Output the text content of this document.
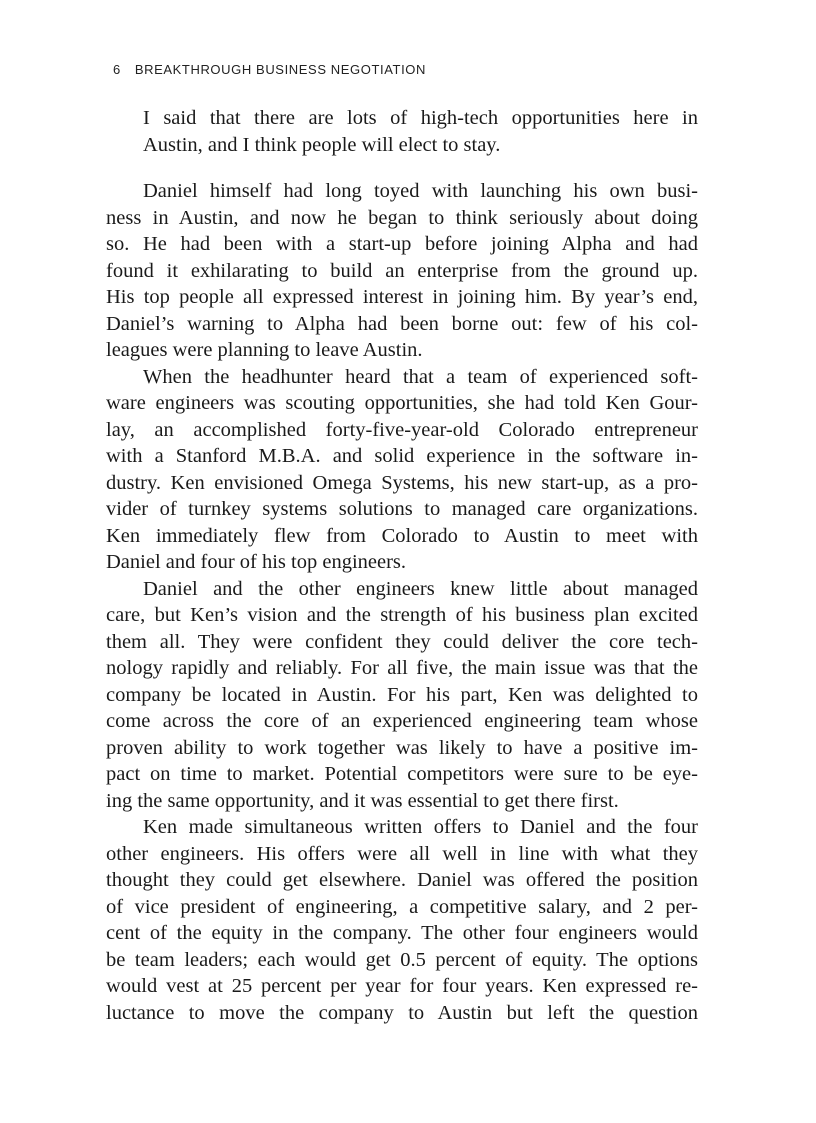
6 BREAKTHROUGH BUSINESS NEGOTIATION
I said that there are lots of high-tech opportunities here in
Austin, and I think people will elect to stay.
Daniel himself had long toyed with launching his own busi-
ness in Austin, and now he began to think seriously about doing
so. He had been with a start-up before joining Alpha and had
found it exhilarating to build an enterprise from the ground up.
His top people all expressed interest in joining him. By year’s end,
Daniel’s warning to Alpha had been borne out: few of his col-
leagues were planning to leave Austin.
When the headhunter heard that a team of experienced soft-
ware engineers was scouting opportunities, she had told Ken Gour-
lay, an accomplished forty-five-year-old Colorado entrepreneur
with a Stanford M.B.A. and solid experience in the software in-
dustry. Ken envisioned Omega Systems, his new start-up, as a pro-
vider of turnkey systems solutions to managed care organizations.
Ken immediately flew from Colorado to Austin to meet with
Daniel and four of his top engineers.
Daniel and the other engineers knew little about managed
care, but Ken’s vision and the strength of his business plan excited
them all. They were confident they could deliver the core tech-
nology rapidly and reliably. For all five, the main issue was that the
company be located in Austin. For his part, Ken was delighted to
come across the core of an experienced engineering team whose
proven ability to work together was likely to have a positive im-
pact on time to market. Potential competitors were sure to be eye-
ing the same opportunity, and it was essential to get there first.
Ken made simultaneous written offers to Daniel and the four
other engineers. His offers were all well in line with what they
thought they could get elsewhere. Daniel was offered the position
of vice president of engineering, a competitive salary, and 2 per-
cent of the equity in the company. The other four engineers would
be team leaders; each would get 0.5 percent of equity. The options
would vest at 25 percent per year for four years. Ken expressed re-
luctance to move the company to Austin but left the question
